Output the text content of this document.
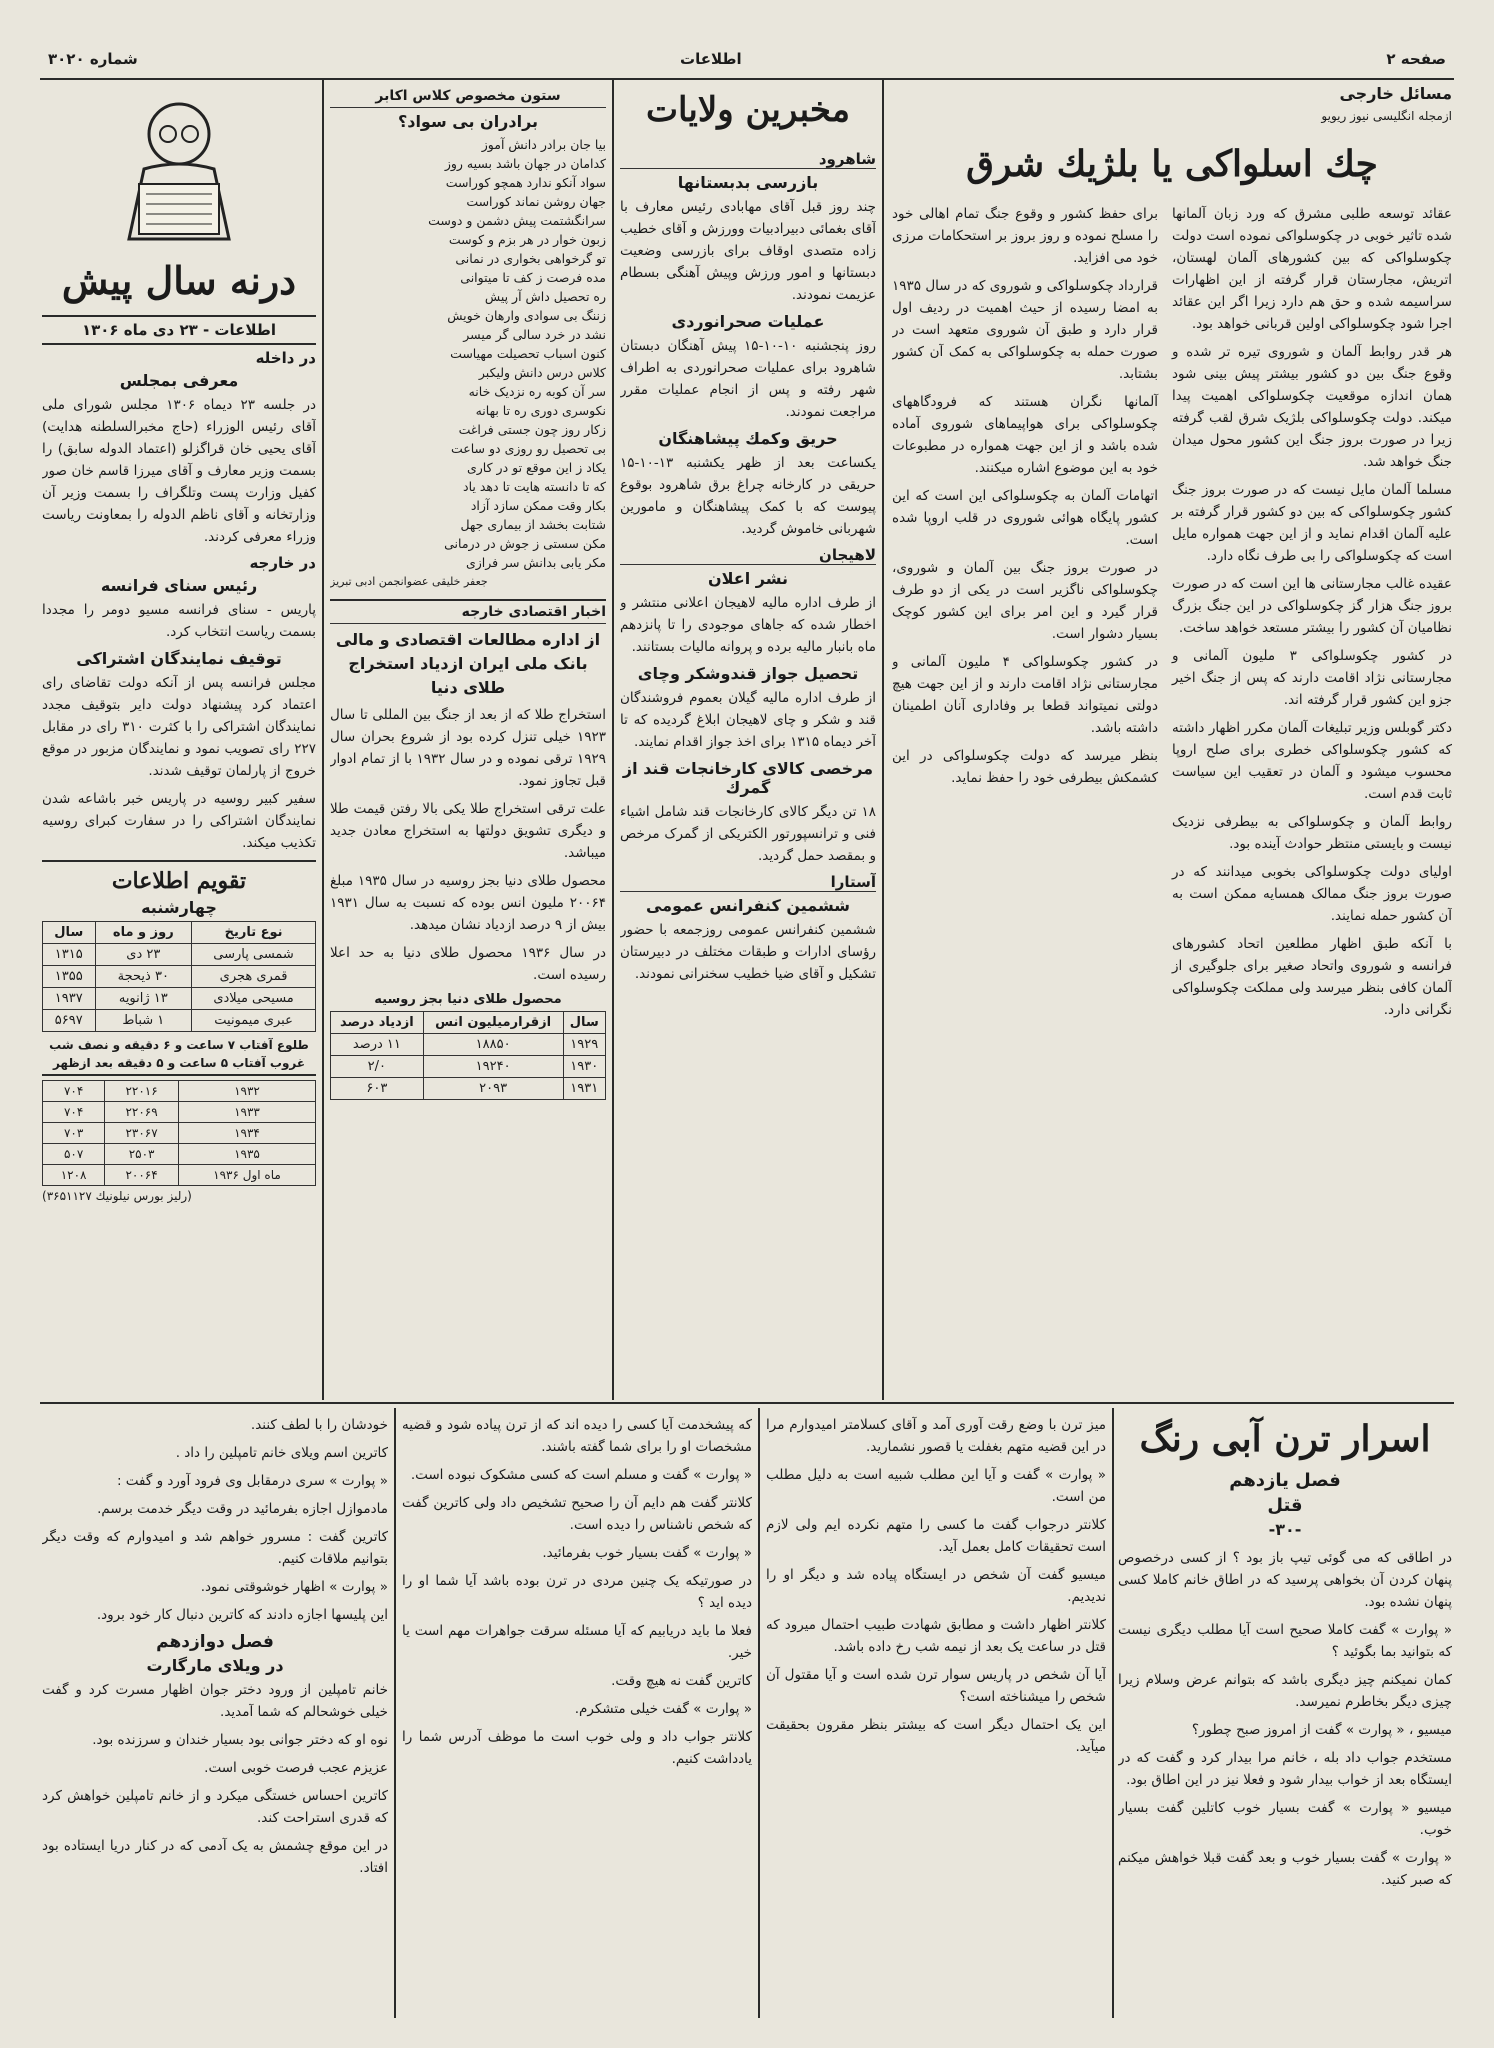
صفحه ۲
اطلاعات
شماره ۳۰۲۰
مسائل خارجی
ازمجله انگلیسی نیوز ریویو
چك اسلواكی یا بلژیك شرق

عقائد توسعه طلبی مشرق که ورد زبان آلمانها شده تاثیر خوبی در چکوسلواکی نموده است دولت چکوسلواکی که بین کشورهای آلمان لهستان، اتریش، مجارستان قرار گرفته از این اظهارات سراسیمه شده و حق هم دارد زیرا اگر این عقائد اجرا شود چکوسلواکی اولین قربانی خواهد بود.

هر قدر روابط آلمان و شوروی تیره تر شده و وقوع جنگ بین دو کشور بیشتر پیش بینی شود همان اندازه موقعیت چکوسلواکی اهمیت پیدا میکند. دولت چکوسلواکی بلژیک شرق لقب گرفته زیرا در صورت بروز جنگ این کشور محول میدان جنگ خواهد شد.

مسلما آلمان مایل نیست که در صورت بروز جنگ کشور چکوسلواکی که بین دو کشور قرار گرفته بر علیه آلمان اقدام نماید و از این جهت همواره مایل است که چکوسلواکی را بی طرف نگاه دارد.

عقیده غالب مجارستانی ها این است که در صورت بروز جنگ هزار گز چکوسلواکی در این جنگ بزرگ نظامیان آن کشور را بیشتر مستعد خواهد ساخت.

در کشور چکوسلواکی ۳ ملیون آلمانی و مجارستانی نژاد اقامت دارند که پس از جنگ اخیر جزو این کشور قرار گرفته اند.

دکتر گوبلس وزیر تبلیغات آلمان مکرر اظهار داشته که کشور چکوسلواکی خطری برای صلح اروپا محسوب میشود و آلمان در تعقیب این سیاست ثابت قدم است.

روابط آلمان و چکوسلواکی به بیطرفی نزدیک نیست و بایستی منتظر حوادث آینده بود.

اولیای دولت چکوسلواکی بخوبی میدانند که در صورت بروز جنگ ممالک همسایه ممکن است به آن کشور حمله نمایند.

با آنکه طبق اظهار مطلعین اتحاد کشورهای فرانسه و شوروی واتحاد صغیر برای جلوگیری از آلمان کافی بنظر میرسد ولی مملکت چکوسلواکی نگرانی دارد.

برای حفظ کشور و وقوع جنگ تمام اهالی خود را مسلح نموده و روز بروز بر استحکامات مرزی خود می افزاید.

قرارداد چکوسلواکی و شوروی که در سال ۱۹۳۵ به امضا رسیده از حیث اهمیت در ردیف اول قرار دارد و طبق آن شوروی متعهد است در صورت حمله به چکوسلواکی به کمک آن کشور بشتابد.

آلمانها نگران هستند که فرودگاههای چکوسلواکی برای هواپیماهای شوروی آماده شده باشد و از این جهت همواره در مطبوعات خود به این موضوع اشاره میکنند.

اتهامات آلمان به چکوسلواکی این است که این کشور پایگاه هوائی شوروی در قلب اروپا شده است.

در صورت بروز جنگ بین آلمان و شوروی، چکوسلواکی ناگزیر است در یکی از دو طرف قرار گیرد و این امر برای این کشور کوچک بسیار دشوار است.

در کشور چکوسلواکی ۴ ملیون آلمانی و مجارستانی نژاد اقامت دارند و از این جهت هیچ دولتی نمیتواند قطعا بر وفاداری آنان اطمینان داشته باشد.

بنظر میرسد که دولت چکوسلواکی در این کشمکش بیطرفی خود را حفظ نماید.

مخبرین ولایات
شاهرود
بازرسی بدبستانها

چند روز قبل آقای مهابادی رئیس معارف با آقای بغمائی دبیرادبیات وورزش و آقای خطیب زاده متصدی اوقاف برای بازرسی وضعیت دبستانها و امور ورزش وپیش آهنگی بسطام عزیمت نمودند.

عملیات صحرانوردی

روز پنجشنبه ۱۰-۱۰-۱۵ پیش آهنگان دبستان شاهرود برای عملیات صحرانوردی به اطراف شهر رفته و پس از انجام عملیات مقرر مراجعت نمودند.

حریق وکمك پیشاهنگان

یکساعت بعد از ظهر یکشنبه ۱۳-۱۰-۱۵ حریقی در کارخانه چراغ برق شاهرود بوقوع پیوست که با کمک پیشاهنگان و مامورین شهربانی خاموش گردید.

لاهیجان
نشر اعلان

از طرف اداره مالیه لاهیجان اعلانی منتشر و اخطار شده که جاهای موجودی را تا پانزدهم ماه بانبار مالیه برده و پروانه مالیات بستانند.

تحصیل جواز قندوشکر وچای

از طرف اداره مالیه گیلان بعموم فروشندگان قند و شکر و چای لاهیجان ابلاغ گردیده که تا آخر دیماه ۱۳۱۵ برای اخذ جواز اقدام نمایند.

مرخصی کالای کارخانجات قند از گمرك

۱۸ تن دیگر کالای کارخانجات قند شامل اشیاء فنی و ترانسپورتور الکتریکی از گمرک مرخص و بمقصد حمل گردید.

آستارا
ششمین کنفرانس عمومی

ششمین کنفرانس عمومی روزجمعه با حضور رؤسای ادارات و طبقات مختلف در دبیرستان تشکیل و آقای ضیا خطیب سخنرانی نمودند.

ستون مخصوص کلاس اکابر
برادران بی سواد؟
بیا جان برادر دانش آموز
کدامان در جهان باشد بسیه روز
سواد آنکو ندارد همچو کوراست
جهان روشن نماند کوراست
سرانگشتمت پیش دشمن و دوست
زبون خوار در هر بزم و کوست
تو گرخواهی بخواری در نمانی
مده فرصت ز کف تا میتوانی
ره تحصیل داش آر پیش
زننگ بی سوادی وارهان خویش
نشد در خرد سالی گر میسر
کنون اسباب تحصیلت مهیاست
کلاس درس دانش ولیکبر
سر آن کوبه ره نزدیک خانه
نکوسری دوری ره تا بهانه
زکار روز چون جستی فراغت
بی تحصیل رو روزی دو ساعت
یکاد ز این موقع تو در کاری
که تا دانسته هایت تا دهد یاد
بکار وقت ممکن سازد آزاد
شتابت بخشد از بیماری جهل
مکن سستی ز جوش در درمانی
مکر یابی بدانش سر فرازی
جعفر خلیقی عضوانجمن ادبی تبریز
اخبار اقتصادی خارجه
از اداره مطالعات اقتصادی و مالی بانک ملی ایران ازدیاد استخراج طلای دنیا

استخراج طلا که از بعد از جنگ بین المللی تا سال ۱۹۲۳ خیلی تنزل کرده بود از شروع بحران سال ۱۹۲۹ ترقی نموده و در سال ۱۹۳۲ با از تمام ادوار قبل تجاوز نمود.

علت ترقی استخراج طلا یکی بالا رفتن قیمت طلا و دیگری تشویق دولتها به استخراج معادن جدید میباشد.

محصول طلای دنیا بجز روسیه در سال ۱۹۳۵ مبلغ ۲۰۰۶۴ ملیون انس بوده که نسبت به سال ۱۹۳۱ بیش از ۹ درصد ازدیاد نشان میدهد.

در سال ۱۹۳۶ محصول طلای دنیا به حد اعلا رسیده است.

محصول طلای دنیا بجز روسیه
سال	ازقرارمیلیون انس	ازدیاد درصد
۱۹۲۹	۱۸۸۵۰	۱۱ درصد
۱۹۳۰	۱۹۲۴۰	۲/۰
۱۹۳۱	۲۰۹۳	۶۰۳
درنه سال پیش
اطلاعات - ۲۳ دی ماه ۱۳۰۶
در داخله
معرفی بمجلس

در جلسه ۲۳ دیماه ۱۳۰۶ مجلس شورای ملی آقای رئیس الوزراء (حاج مخبرالسلطنه هدایت) آقای یحیی خان قراگزلو (اعتماد الدوله سابق) را بسمت وزیر معارف و آقای میرزا قاسم خان صور کفیل وزارت پست وتلگراف را بسمت وزیر آن وزارتخانه و آقای ناظم الدوله را بمعاونت ریاست وزراء معرفی کردند.

در خارجه
رئیس سنای فرانسه

پاریس - سنای فرانسه مسیو دومر را مجددا بسمت ریاست انتخاب کرد.

توقیف نمایندگان اشتراکی

مجلس فرانسه پس از آنکه دولت تقاضای رای اعتماد کرد پیشنهاد دولت دایر بتوقیف مجدد نمایندگان اشتراکی را با کثرت ۳۱۰ رای در مقابل ۲۲۷ رای تصویب نمود و نمایندگان مزبور در موقع خروج از پارلمان توقیف شدند.

سفیر کبیر روسیه در پاریس خبر باشاعه شدن نمایندگان اشتراکی را در سفارت کبرای روسیه تکذیب میکند.

تقویم اطلاعات
چهارشنبه
نوع تاریخ	روز و ماه	سال
شمسی پارسی	۲۳ دی	۱۳۱۵
قمری هجری	۳۰ ذیحجة	۱۳۵۵
مسیحی میلادی	۱۳ ژانویه	۱۹۳۷
عبری میمونیت	۱ شباط	۵۶۹۷
طلوع آفتاب ۷ ساعت و ۶ دقیقه و نصف شب
غروب آفتاب ۵ ساعت و ۵ دقیقه بعد ازظهر
۱۹۳۲	۲۲۰۱۶	۷۰۴
۱۹۳۳	۲۲۰۶۹	۷۰۴
۱۹۳۴	۲۳۰۶۷	۷۰۳
۱۹۳۵	۲۵۰۳	۵۰۷
ماه اول ۱۹۳۶	۲۰۰۶۴	۱۲۰۸
(رلیز بورس نیلونیك ۳۶۵۱۱۲۷)
اسرار ترن آبی رنگ
فصل یازدهم
قتل
-۳۰-

در اطاقی که می گوئی تیپ باز بود ؟ از کسی درخصوص پنهان کردن آن بخواهی پرسید که در اطاق خانم کاملا کسی پنهان نشده بود.

« پوارت » گفت کاملا صحیح است آیا مطلب دیگری نیست که بتوانید بما بگوئید ؟

کمان نمیکنم چیز دیگری باشد که بتوانم عرض وسلام زیرا چیزی دیگر بخاطرم نمیرسد.

میسیو ، « پوارت » گفت از امروز صبح چطور؟

مستخدم جواب داد بله ، خانم مرا بیدار کرد و گفت که در ایستگاه بعد از خواب بیدار شود و فعلا نیز در این اطاق بود.

میسیو « پوارت » گفت بسیار خوب کاتلین گفت بسیار خوب.

« پوارت » گفت بسیار خوب و بعد گفت قبلا خواهش میکنم که صبر کنید.

میز ترن با وضع رقت آوری آمد و آقای کسلامتر امیدوارم مرا در این قضیه متهم بغفلت یا قصور نشمارید.

« پوارت » گفت و آیا این مطلب شبیه است به دلیل مطلب من است.

کلانتر درجواب گفت ما کسی را متهم نکرده ایم ولی لازم است تحقیقات کامل بعمل آید.

میسیو گفت آن شخص در ایستگاه پیاده شد و دیگر او را ندیدیم.

کلانتر اظهار داشت و مطابق شهادت طبیب احتمال میرود که قتل در ساعت یک بعد از نیمه شب رخ داده باشد.

آیا آن شخص در پاریس سوار ترن شده است و آیا مقتول آن شخص را میشناخته است؟

این یک احتمال دیگر است که بیشتر بنظر مقرون بحقیقت میآید.

که پیشخدمت آیا کسی را دیده اند که از ترن پیاده شود و قضیه مشخصات او را برای شما گفته باشند.

« پوارت » گفت و مسلم است که کسی مشکوک نبوده است.

کلانتر گفت هم دایم آن را صحیح تشخیص داد ولی کاترین گفت که شخص ناشناس را دیده است.

« پوارت » گفت بسیار خوب بفرمائید.

در صورتیکه یک چنین مردی در ترن بوده باشد آیا شما او را دیده اید ؟

فعلا ما باید دریابیم که آیا مسئله سرقت جواهرات مهم است یا خیر.

کاترین گفت نه هیچ وقت.

« پوارت » گفت خیلی متشکرم.

کلانتر جواب داد و ولی خوب است ما موظف آدرس شما را یادداشت کنیم.

خودشان را با لطف کنند.

کاترین اسم ویلای خانم تامپلین را داد .

« پوارت » سری درمقابل وی فرود آورد و گفت :

مادموازل اجازه بفرمائید در وقت دیگر خدمت برسم.

کاترین گفت : مسرور خواهم شد و امیدوارم که وقت دیگر بتوانیم ملاقات کنیم.

« پوارت » اظهار خوشوقتی نمود.

این پلیسها اجازه دادند که کاترین دنبال کار خود برود.

فصل دوازدهم
در ویلای مارگارت

خانم تامپلین از ورود دختر جوان اظهار مسرت کرد و گفت خیلی خوشحالم که شما آمدید.

نوه او که دختر جوانی بود بسیار خندان و سرزنده بود.

عزیزم عجب فرصت خوبی است.

کاترین احساس خستگی میکرد و از خانم تامپلین خواهش کرد که قدری استراحت کند.

در این موقع چشمش به یک آدمی که در کنار دریا ایستاده بود افتاد.
